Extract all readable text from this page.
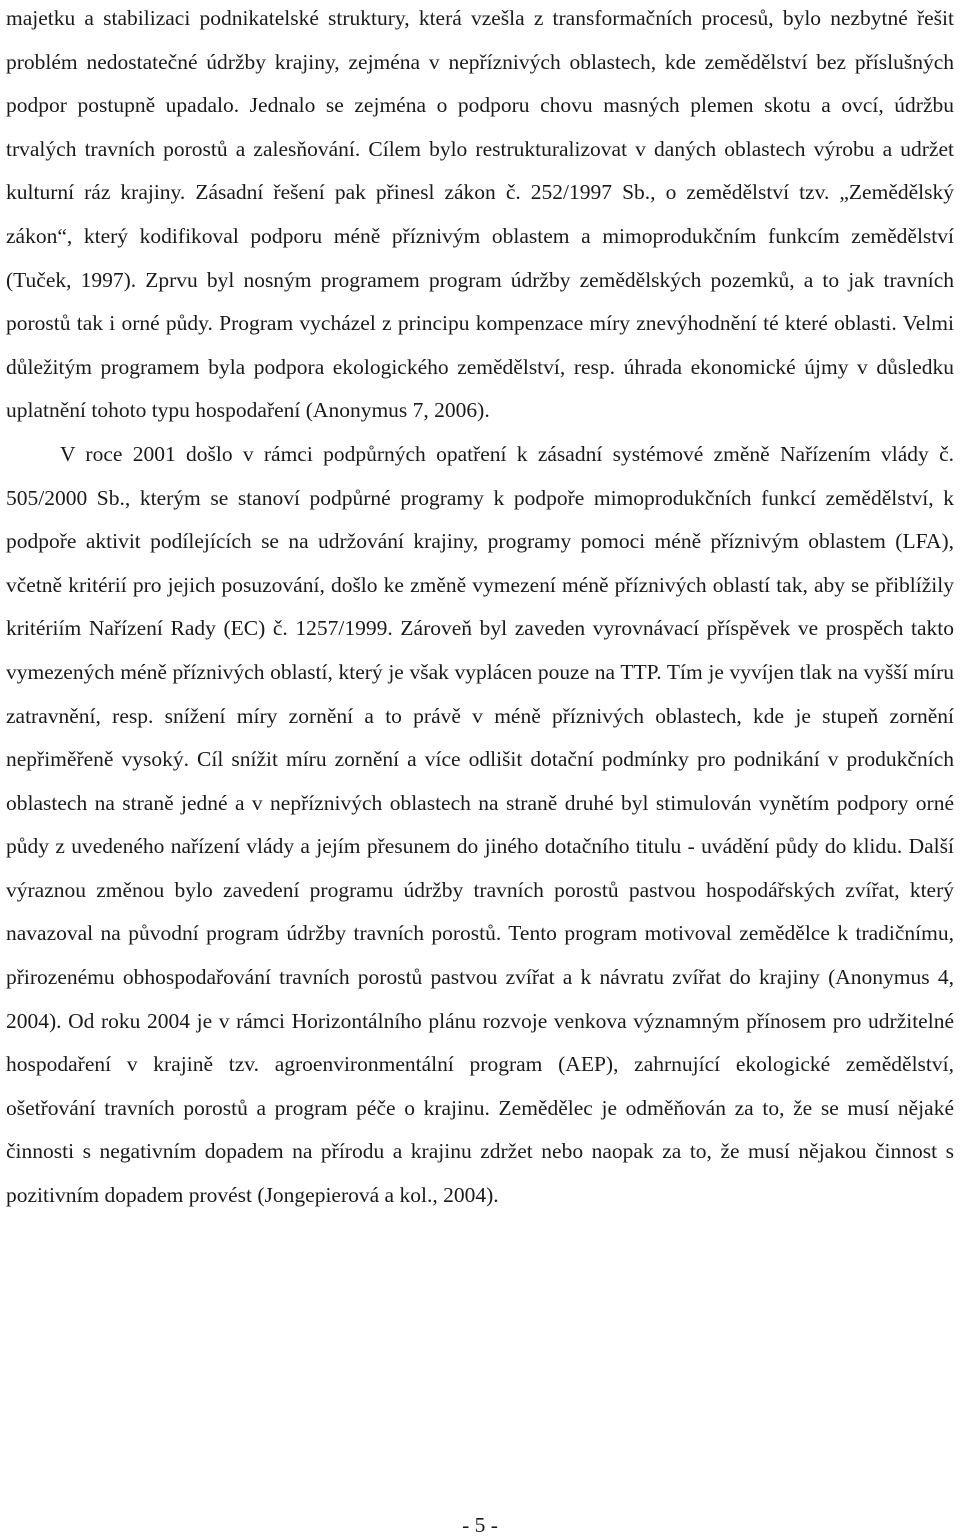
majetku a stabilizaci podnikatelské struktury, která vzešla z transformačních procesů, bylo nezbytné řešit problém nedostatečné údržby krajiny, zejména v nepříznivých oblastech, kde zemědělství bez příslušných podpor postupně upadalo. Jednalo se zejména o podporu chovu masných plemen skotu a ovcí, údržbu trvalých travních porostů a zalesňování. Cílem bylo restrukturalizovat v daných oblastech výrobu a udržet kulturní ráz krajiny. Zásadní řešení pak přinesl zákon č. 252/1997 Sb., o zemědělství tzv. „Zemědělský zákon“, který kodifikoval podporu méně příznivým oblastem a mimoprodukčním funkcím zemědělství (Tuček, 1997). Zprvu byl nosným programem program údržby zemědělských pozemků, a to jak travních porostů tak i orné půdy. Program vycházel z principu kompenzace míry znevýhodnění té které oblasti. Velmi důležitým programem byla podpora ekologického zemědělství, resp. úhrada ekonomické újmy v důsledku uplatnění tohoto typu hospodaření (Anonymus 7, 2006).

V roce 2001 došlo v rámci podpůrných opatření k zásadní systémové změně Nařízením vlády č. 505/2000 Sb., kterým se stanoví podpůrné programy k podpoře mimoprodukčních funkcí zemědělství, k podpoře aktivit podílejících se na udržování krajiny, programy pomoci méně příznivým oblastem (LFA), včetně kritérií pro jejich posuzování, došlo ke změně vymezení méně příznivých oblastí tak, aby se přiblížily kritériím Nařízení Rady (EC) č. 1257/1999. Zároveň byl zaveden vyrovnávací příspěvek ve prospěch takto vymezených méně příznivých oblastí, který je však vyplácen pouze na TTP. Tím je vyvíjen tlak na vyšší míru zatravnění, resp. snížení míry zornění a to právě v méně příznivých oblastech, kde je stupeň zornění nepřiměřeně vysoký. Cíl snížit míru zornění a více odlišit dotační podmínky pro podnikání v produkčních oblastech na straně jedné a v nepříznivých oblastech na straně druhé byl stimulován vynětím podpory orné půdy z uvedeného nařízení vlády a jejím přesunem do jiného dotačního titulu - uvádění půdy do klidu. Další výraznou změnou bylo zavedení programu údržby travních porostů pastvou hospodářských zvířat, který navazoval na původní program údržby travních porostů. Tento program motivoval zemědělce k tradičnímu, přirozenému obhospodařování travních porostů pastvou zvířat a k návratu zvířat do krajiny (Anonymus 4, 2004). Od roku 2004 je v rámci Horizontálního plánu rozvoje venkova významným přínosem pro udržitelné hospodaření v krajině tzv. agroenvironmentální program (AEP), zahrnující ekologické zemědělství, ošetřování travních porostů a program péče o krajinu. Zemědělec je odměňován za to, že se musí nějaké činnosti s negativním dopadem na přírodu a krajinu zdržet nebo naopak za to, že musí nějakou činnost s pozitivním dopadem provést (Jongepierová a kol., 2004).

- 5 -
